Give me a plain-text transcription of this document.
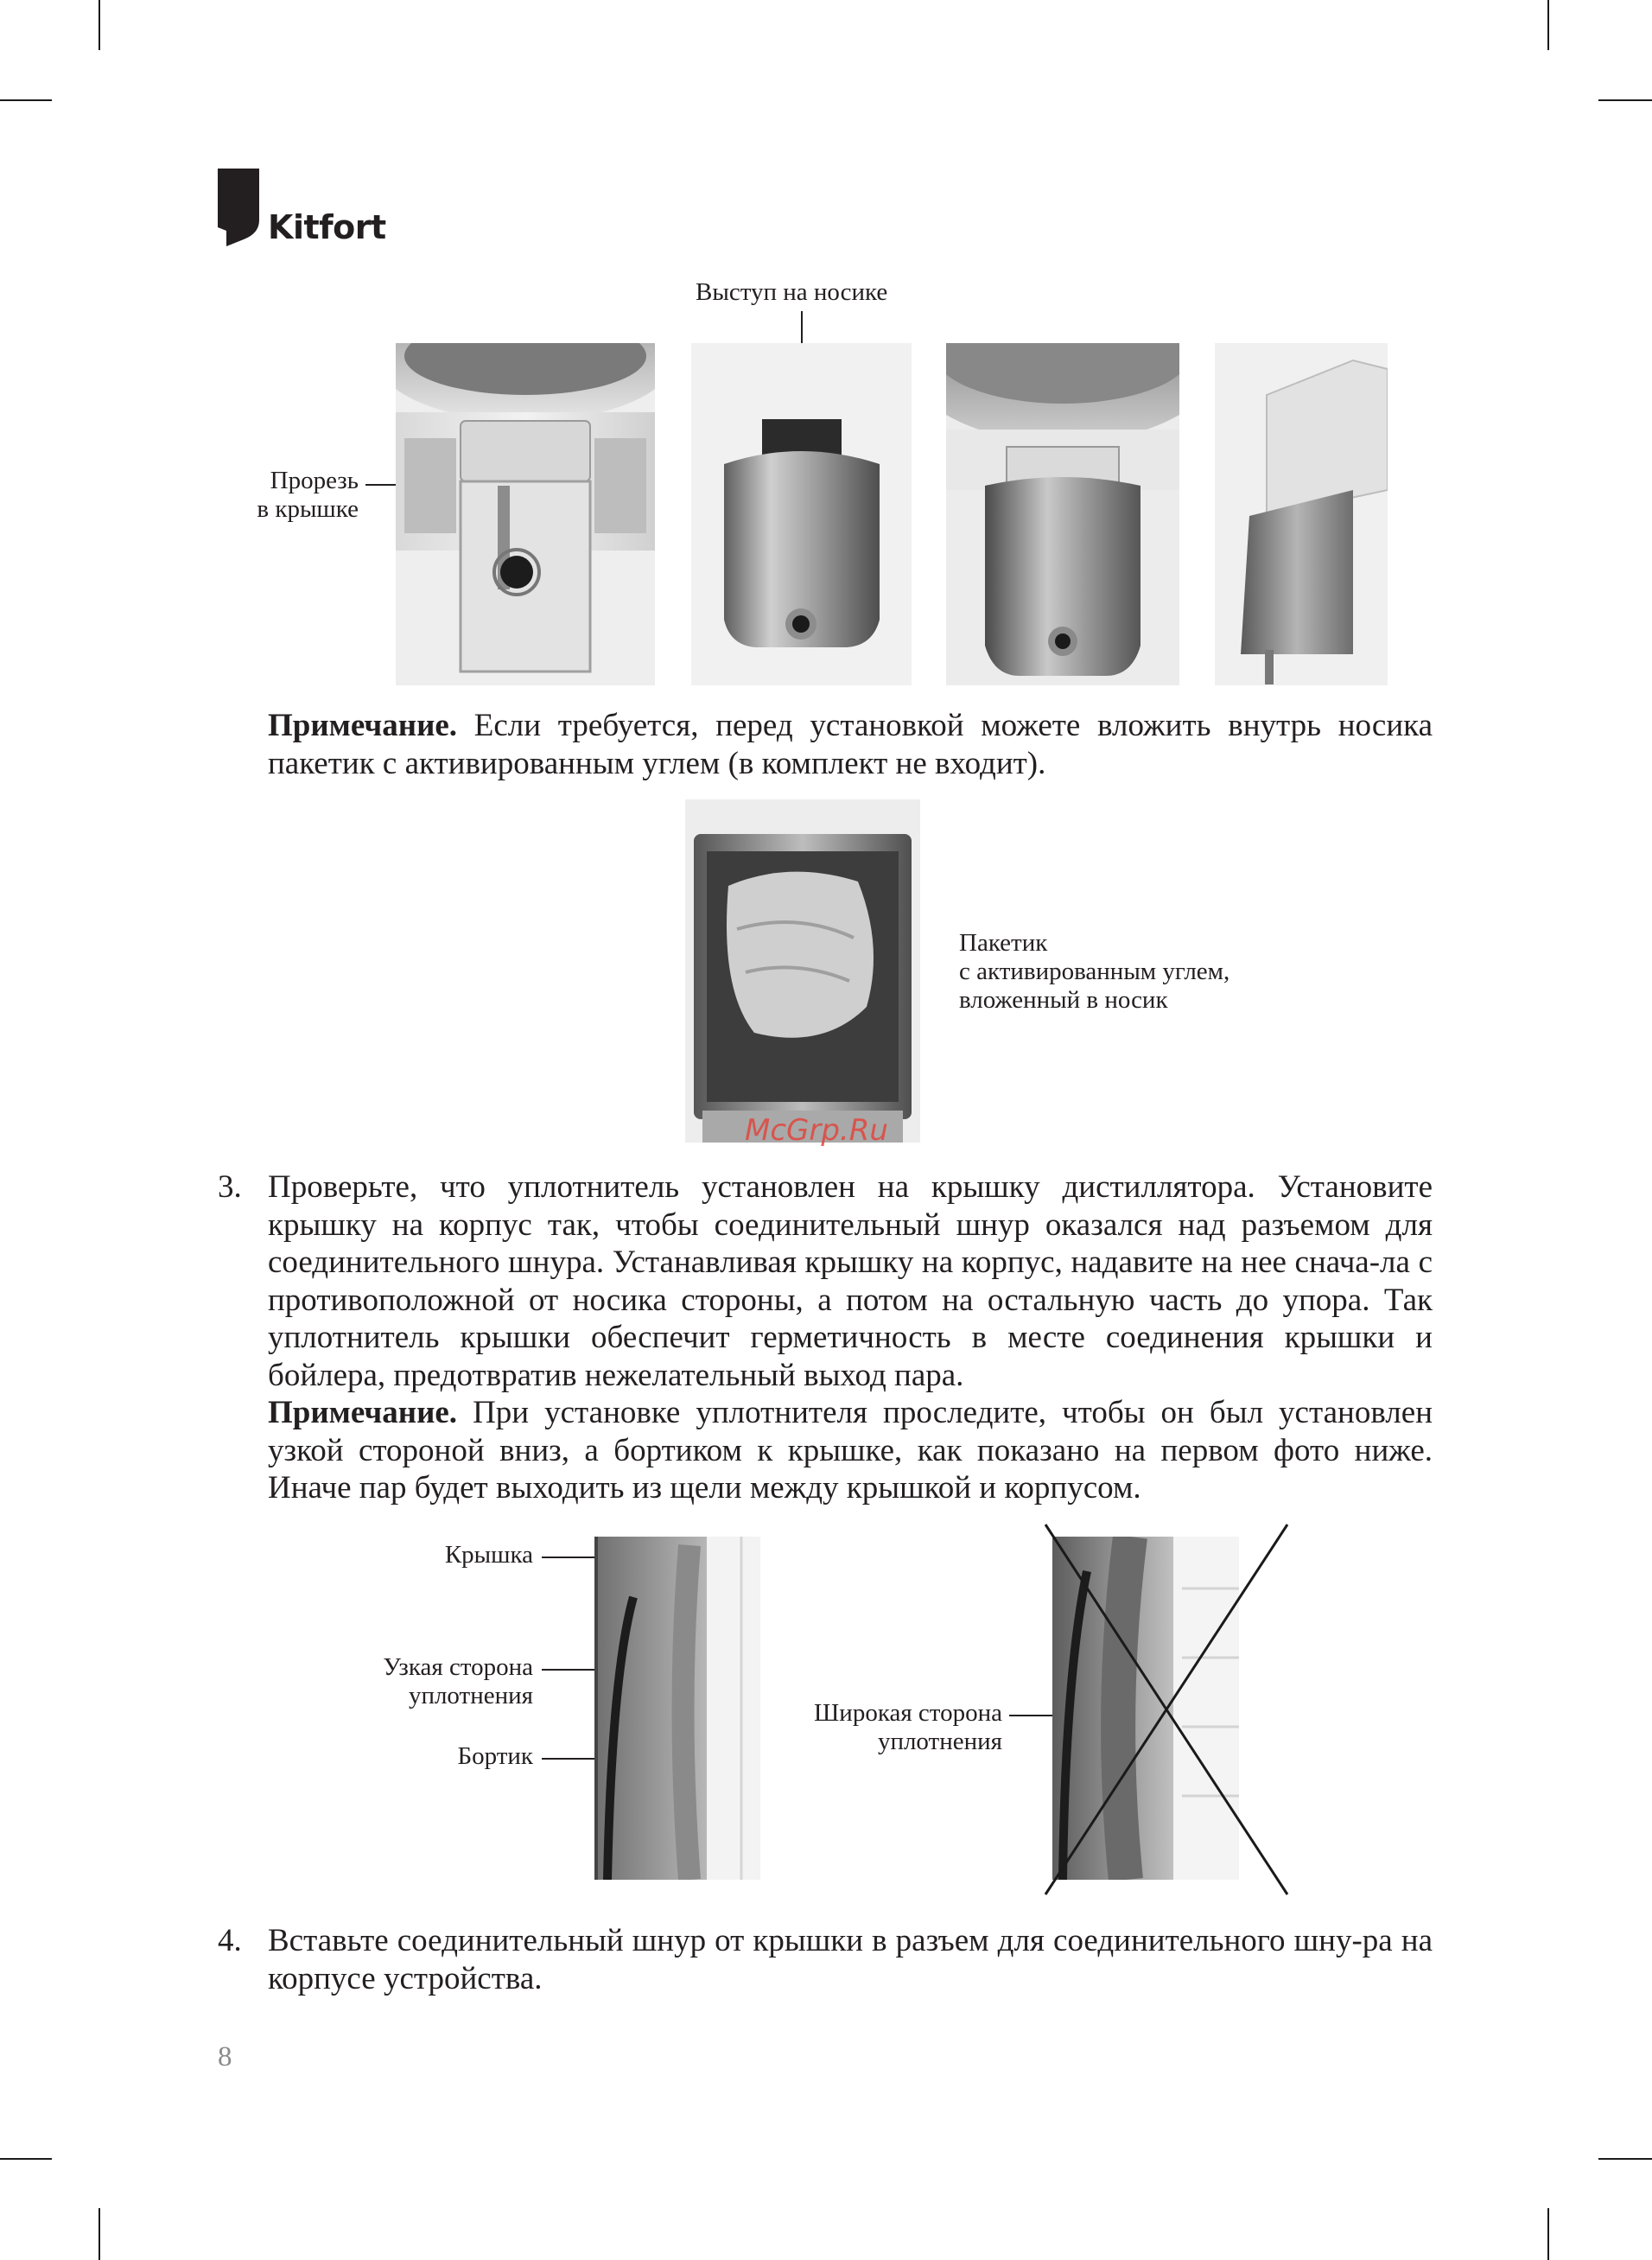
Kitfort
Выступ на носике
Прорезь
в крышке
Примечание. Если требуется, перед установкой можете вложить внутрь носика пакетик с активированным углем (в комплект не входит).
McGrp.Ru
Пакетик
с активированным углем,
вложенный в носик
3. Проверьте, что уплотнитель установлен на крышку дистиллятора. Установите крышку на корпус так, чтобы соединительный шнур оказался над разъемом для соединительного шнура. Устанавливая крышку на корпус, надавите на нее снача-ла с противоположной от носика стороны, а потом на остальную часть до упора. Так уплотнитель крышки обеспечит герметичность в месте соединения крышки и бойлера, предотвратив нежелательный выход пара.
Примечание. При установке уплотнителя проследите, чтобы он был установлен узкой стороной вниз, а бортиком к крышке, как показано на первом фото ниже. Иначе пар будет выходить из щели между крышкой и корпусом.
Крышка
Узкая сторона
уплотнения
Бортик
Широкая сторона
уплотнения
4. Вставьте соединительный шнур от крышки в разъем для соединительного шну-ра на корпусе устройства.
8
